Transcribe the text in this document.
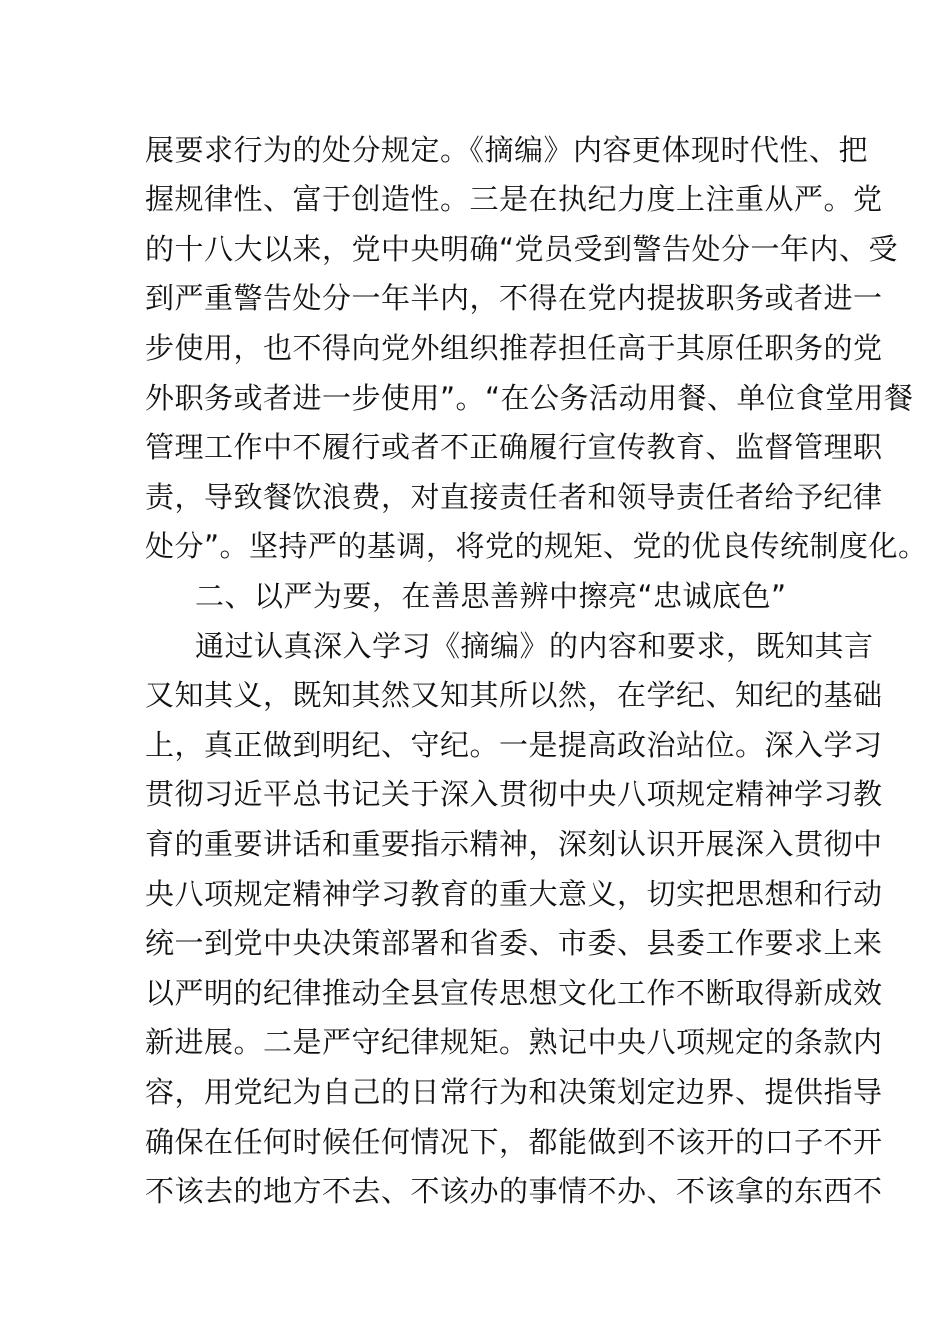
展要求行为的处分规定。《摘编》内容更体现时代性、把
握规律性、富于创造性。三是在执纪力度上注重从严。党
的十八大以来，党中央明确“党员受到警告处分一年内、受
到严重警告处分一年半内，不得在党内提拔职务或者进一
步使用，也不得向党外组织推荐担任高于其原任职务的党
外职务或者进一步使用”。“在公务活动用餐、单位食堂用餐
管理工作中不履行或者不正确履行宣传教育、监督管理职
责，导致餐饮浪费，对直接责任者和领导责任者给予纪律
处分”。坚持严的基调，将党的规矩、党的优良传统制度化。
二、以严为要，在善思善辨中擦亮“忠诚底色”
通过认真深入学习《摘编》的内容和要求，既知其言
又知其义，既知其然又知其所以然，在学纪、知纪的基础
上，真正做到明纪、守纪。一是提高政治站位。深入学习
贯彻习近平总书记关于深入贯彻中央八项规定精神学习教
育的重要讲话和重要指示精神，深刻认识开展深入贯彻中
央八项规定精神学习教育的重大意义，切实把思想和行动
统一到党中央决策部署和省委、市委、县委工作要求上来
以严明的纪律推动全县宣传思想文化工作不断取得新成效
新进展。二是严守纪律规矩。熟记中央八项规定的条款内
容，用党纪为自己的日常行为和决策划定边界、提供指导
确保在任何时候任何情况下，都能做到不该开的口子不开
不该去的地方不去、不该办的事情不办、不该拿的东西不
